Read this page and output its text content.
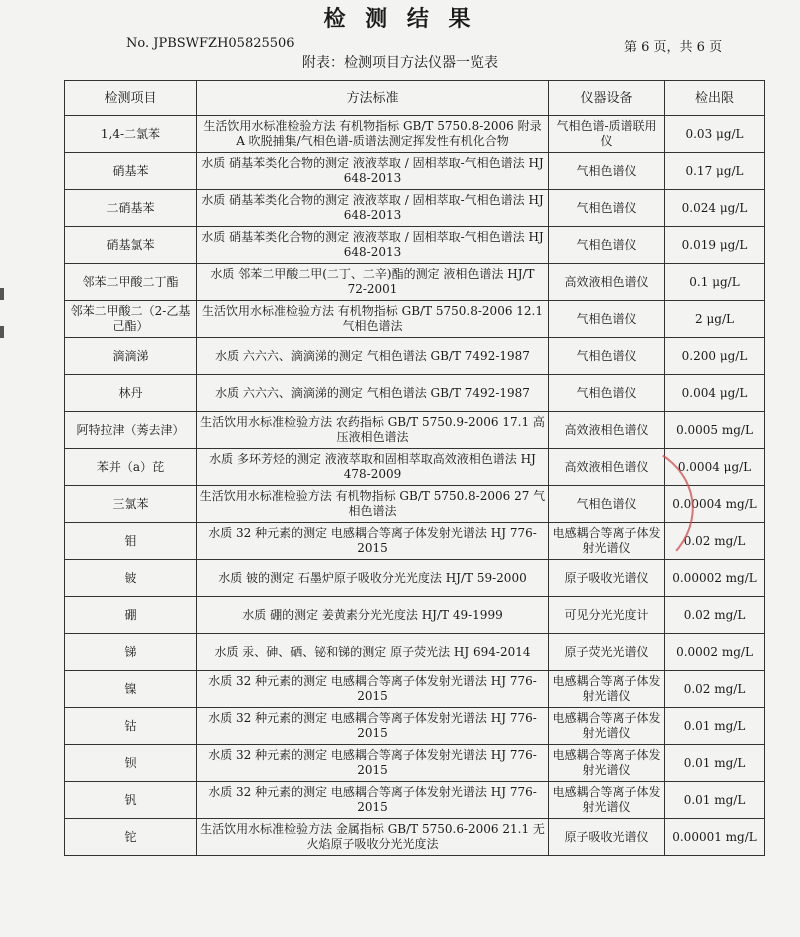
检 测 结 果
No. JPBSWFZH05825506	第 6 页，共 6 页
附表：检测项目方法仪器一览表
检测项目	方法标准	仪器设备	检出限
1,4-二氯苯	生活饮用水标准检验方法 有机物指标 GB/T 5750.8-2006 附录 A 吹脱捕集/气相色谱-质谱法测定挥发性有机化合物	气相色谱-质谱联用仪	0.03 μg/L
硝基苯	水质 硝基苯类化合物的测定 液液萃取 / 固相萃取-气相色谱法 HJ 648-2013	气相色谱仪	0.17 μg/L
二硝基苯	水质 硝基苯类化合物的测定 液液萃取 / 固相萃取-气相色谱法 HJ 648-2013	气相色谱仪	0.024 μg/L
硝基氯苯	水质 硝基苯类化合物的测定 液液萃取 / 固相萃取-气相色谱法 HJ 648-2013	气相色谱仪	0.019 μg/L
邻苯二甲酸二丁酯	水质 邻苯二甲酸二甲(二丁、二辛)酯的测定 液相色谱法 HJ/T 72-2001	高效液相色谱仪	0.1 μg/L
邻苯二甲酸二（2-乙基己酯）	生活饮用水标准检验方法 有机物指标 GB/T 5750.8-2006 12.1 气相色谱法	气相色谱仪	2 μg/L
滴滴涕	水质 六六六、滴滴涕的测定 气相色谱法 GB/T 7492-1987	气相色谱仪	0.200 μg/L
林丹	水质 六六六、滴滴涕的测定 气相色谱法 GB/T 7492-1987	气相色谱仪	0.004 μg/L
阿特拉津（莠去津）	生活饮用水标准检验方法 农药指标 GB/T 5750.9-2006 17.1 高压液相色谱法	高效液相色谱仪	0.0005 mg/L
苯并（a）芘	水质 多环芳烃的测定 液液萃取和固相萃取高效液相色谱法 HJ 478-2009	高效液相色谱仪	0.0004 μg/L
三氯苯	生活饮用水标准检验方法 有机物指标 GB/T 5750.8-2006 27 气相色谱法	气相色谱仪	0.00004 mg/L
钼	水质 32 种元素的测定 电感耦合等离子体发射光谱法 HJ 776-2015	电感耦合等离子体发射光谱仪	0.02 mg/L
铍	水质 铍的测定 石墨炉原子吸收分光光度法 HJ/T 59-2000	原子吸收光谱仪	0.00002 mg/L
硼	水质 硼的测定 姜黄素分光光度法 HJ/T 49-1999	可见分光光度计	0.02 mg/L
锑	水质 汞、砷、硒、铋和锑的测定 原子荧光法 HJ 694-2014	原子荧光光谱仪	0.0002 mg/L
镍	水质 32 种元素的测定 电感耦合等离子体发射光谱法 HJ 776-2015	电感耦合等离子体发射光谱仪	0.02 mg/L
钴	水质 32 种元素的测定 电感耦合等离子体发射光谱法 HJ 776-2015	电感耦合等离子体发射光谱仪	0.01 mg/L
钡	水质 32 种元素的测定 电感耦合等离子体发射光谱法 HJ 776-2015	电感耦合等离子体发射光谱仪	0.01 mg/L
钒	水质 32 种元素的测定 电感耦合等离子体发射光谱法 HJ 776-2015	电感耦合等离子体发射光谱仪	0.01 mg/L
铊	生活饮用水标准检验方法 金属指标 GB/T 5750.6-2006 21.1 无火焰原子吸收分光光度法	原子吸收光谱仪	0.00001 mg/L
